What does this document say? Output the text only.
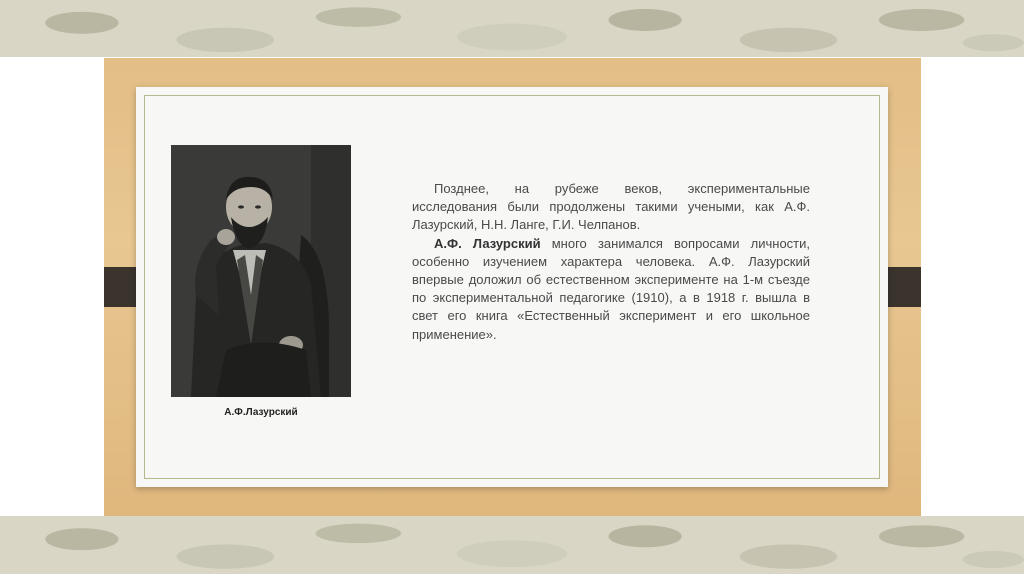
А.Ф.Лазурский

Позднее, на рубеже веков, экспериментальные исследования были продолжены такими учеными, как А.Ф. Лазурский, Н.Н. Ланге, Г.И. Челпанов.

А.Ф. Лазурский много занимался вопросами личности, особенно изучением характера человека. А.Ф. Лазурский впервые доложил об естественном эксперименте на 1-м съезде по экспериментальной педагогике (1910), а в 1918 г. вышла в свет его книга «Естественный эксперимент и его школьное применение».
